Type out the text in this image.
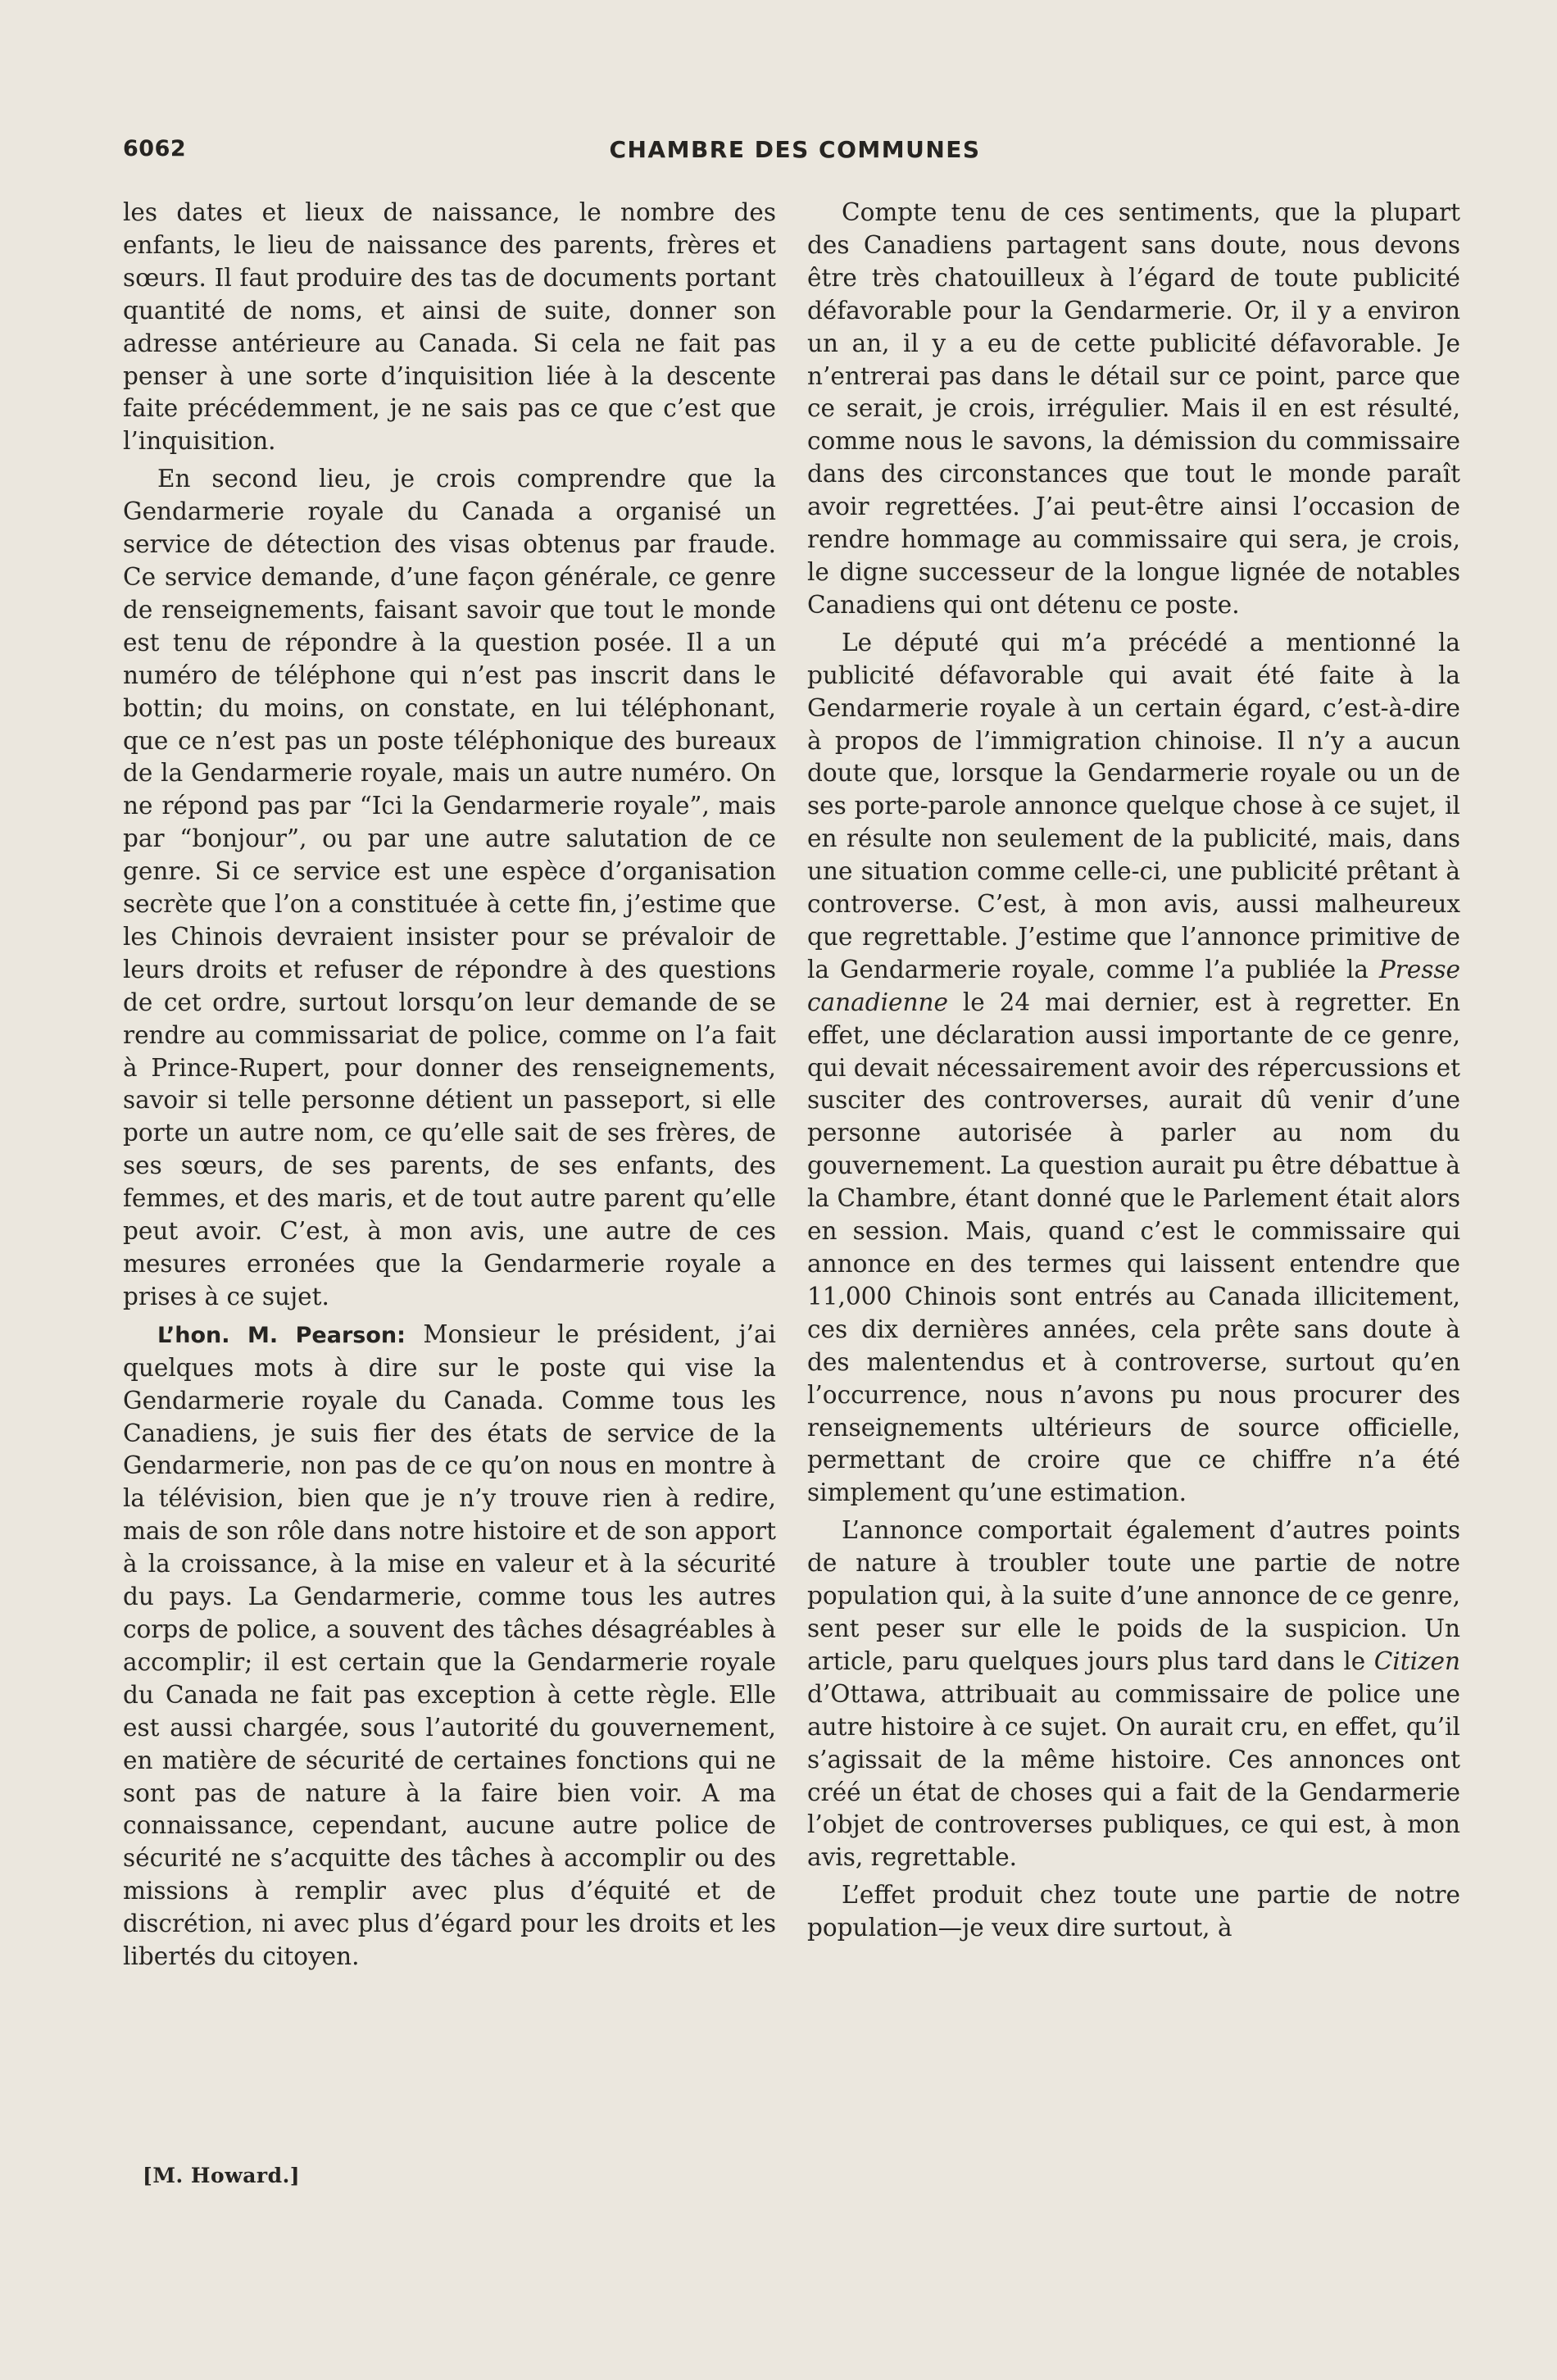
6062	CHAMBRE DES COMMUNES

les dates et lieux de naissance, le nombre des enfants, le lieu de naissance des parents, frères et sœurs. Il faut produire des tas de documents portant quantité de noms, et ainsi de suite, donner son adresse antérieure au Canada. Si cela ne fait pas penser à une sorte d’inquisition liée à la descente faite précédemment, je ne sais pas ce que c’est que l’inquisition.

En second lieu, je crois comprendre que la Gendarmerie royale du Canada a organisé un service de détection des visas obtenus par fraude. Ce service demande, d’une façon générale, ce genre de renseignements, faisant savoir que tout le monde est tenu de répondre à la question posée. Il a un numéro de téléphone qui n’est pas inscrit dans le bottin; du moins, on constate, en lui téléphonant, que ce n’est pas un poste téléphonique des bureaux de la Gendarmerie royale, mais un autre numéro. On ne répond pas par “Ici la Gendarmerie royale”, mais par “bonjour”, ou par une autre salutation de ce genre. Si ce service est une espèce d’organisation secrète que l’on a constituée à cette fin, j’estime que les Chinois devraient insister pour se prévaloir de leurs droits et refuser de répondre à des questions de cet ordre, surtout lorsqu’on leur demande de se rendre au commissariat de police, comme on l’a fait à Prince-Rupert, pour donner des renseignements, savoir si telle personne détient un passeport, si elle porte un autre nom, ce qu’elle sait de ses frères, de ses sœurs, de ses parents, de ses enfants, des femmes, et des maris, et de tout autre parent qu’elle peut avoir. C’est, à mon avis, une autre de ces mesures erronées que la Gendarmerie royale a prises à ce sujet.

L’hon. M. Pearson: Monsieur le président, j’ai quelques mots à dire sur le poste qui vise la Gendarmerie royale du Canada. Comme tous les Canadiens, je suis fier des états de service de la Gendarmerie, non pas de ce qu’on nous en montre à la télévision, bien que je n’y trouve rien à redire, mais de son rôle dans notre histoire et de son apport à la croissance, à la mise en valeur et à la sécurité du pays. La Gendarmerie, comme tous les autres corps de police, a souvent des tâches désagréables à accomplir; il est certain que la Gendarmerie royale du Canada ne fait pas exception à cette règle. Elle est aussi chargée, sous l’autorité du gouvernement, en matière de sécurité de certaines fonctions qui ne sont pas de nature à la faire bien voir. A ma connaissance, cependant, aucune autre police de sécurité ne s’acquitte des tâches à accomplir ou des missions à remplir avec plus d’équité et de discrétion, ni avec plus d’égard pour les droits et les libertés du citoyen.

[M. Howard.]

Compte tenu de ces sentiments, que la plupart des Canadiens partagent sans doute, nous devons être très chatouilleux à l’égard de toute publicité défavorable pour la Gendarmerie. Or, il y a environ un an, il y a eu de cette publicité défavorable. Je n’entrerai pas dans le détail sur ce point, parce que ce serait, je crois, irrégulier. Mais il en est résulté, comme nous le savons, la démission du commissaire dans des circonstances que tout le monde paraît avoir regrettées. J’ai peut-être ainsi l’occasion de rendre hommage au commissaire qui sera, je crois, le digne successeur de la longue lignée de notables Canadiens qui ont détenu ce poste.

Le député qui m’a précédé a mentionné la publicité défavorable qui avait été faite à la Gendarmerie royale à un certain égard, c’est-à-dire à propos de l’immigration chinoise. Il n’y a aucun doute que, lorsque la Gendarmerie royale ou un de ses porte-parole annonce quelque chose à ce sujet, il en résulte non seulement de la publicité, mais, dans une situation comme celle-ci, une publicité prêtant à controverse. C’est, à mon avis, aussi malheureux que regrettable. J’estime que l’annonce primitive de la Gendarmerie royale, comme l’a publiée la Presse canadienne le 24 mai dernier, est à regretter. En effet, une déclaration aussi importante de ce genre, qui devait nécessairement avoir des répercussions et susciter des controverses, aurait dû venir d’une personne autorisée à parler au nom du gouvernement. La question aurait pu être débattue à la Chambre, étant donné que le Parlement était alors en session. Mais, quand c’est le commissaire qui annonce en des termes qui laissent entendre que 11,000 Chinois sont entrés au Canada illicitement, ces dix dernières années, cela prête sans doute à des malentendus et à controverse, surtout qu’en l’occurrence, nous n’avons pu nous procurer des renseignements ultérieurs de source officielle, permettant de croire que ce chiffre n’a été simplement qu’une estimation.

L’annonce comportait également d’autres points de nature à troubler toute une partie de notre population qui, à la suite d’une annonce de ce genre, sent peser sur elle le poids de la suspicion. Un article, paru quelques jours plus tard dans le Citizen d’Ottawa, attribuait au commissaire de police une autre histoire à ce sujet. On aurait cru, en effet, qu’il s’agissait de la même histoire. Ces annonces ont créé un état de choses qui a fait de la Gendarmerie l’objet de controverses publiques, ce qui est, à mon avis, regrettable.

L’effet produit chez toute une partie de notre population—je veux dire surtout, à
